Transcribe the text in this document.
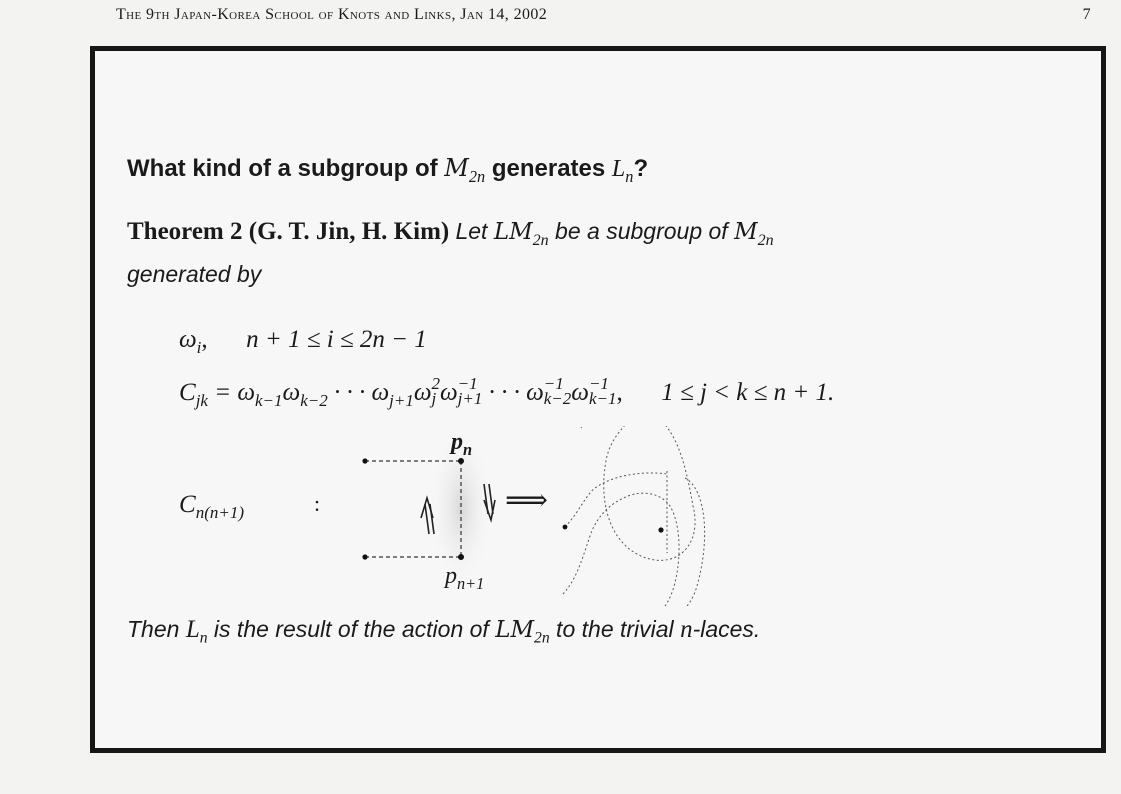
The 9th Japan-Korea School of Knots and Links, Jan 14, 2002	7
What kind of a subgroup of $M_{2n}$ generates $L_n$?
Theorem 2 (G. T. Jin, H. Kim) Let $LM_{2n}$ be a subgroup of $M_{2n}$
generated by
$\omega_i$, n + 1 ≤ i ≤ 2n − 1
$C_{jk} = \omega_{k-1}\omega_{k-2}$ · · · $\omega_{j+1}\omega$ 2
j ω −1
j+1 · · · ω −1
k−2 ω −1
k−1 , 1 ≤ j < k ≤ n + 1.
$C_{n(n+1)}$	:
$p_n$
$p_{n+1}$
⟹
Then $L_n$ is the result of the action of $LM_{2n}$ to the trivial n-laces.
